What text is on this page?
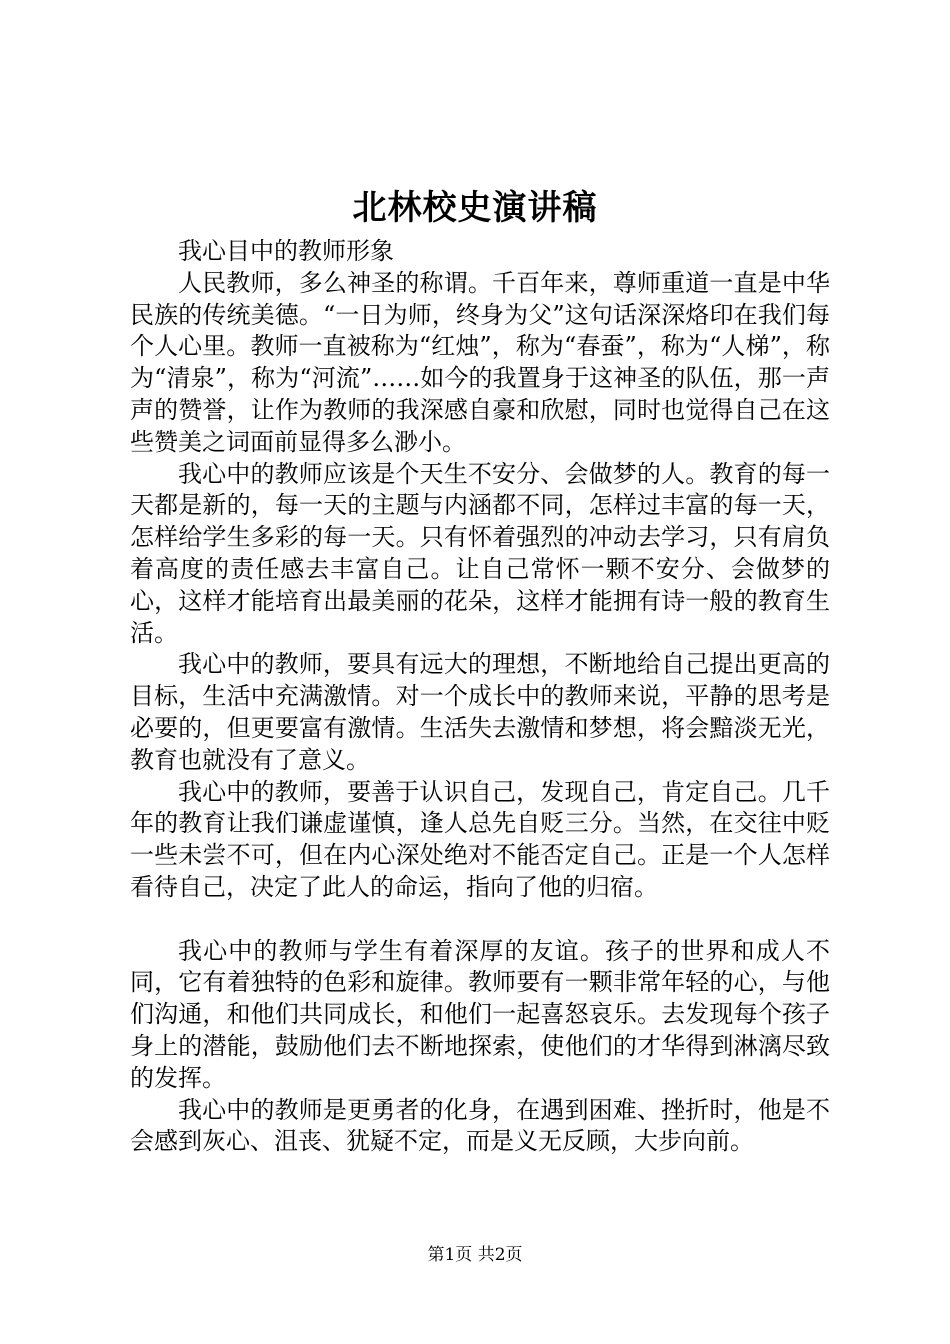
北林校史演讲稿

我心目中的教师形象

人民教师，多么神圣的称谓。千百年来，尊师重道一直是中华民族的传统美德。“一日为师，终身为父”这句话深深烙印在我们每个人心里。教师一直被称为“红烛”，称为“春蚕”，称为“人梯”，称为“清泉”，称为“河流”……如今的我置身于这神圣的队伍，那一声声的赞誉，让作为教师的我深感自豪和欣慰，同时也觉得自己在这些赞美之词面前显得多么渺小。

我心中的教师应该是个天生不安分、会做梦的人。教育的每一天都是新的，每一天的主题与内涵都不同，怎样过丰富的每一天，怎样给学生多彩的每一天。只有怀着强烈的冲动去学习，只有肩负着高度的责任感去丰富自己。让自己常怀一颗不安分、会做梦的心，这样才能培育出最美丽的花朵，这样才能拥有诗一般的教育生活。

我心中的教师，要具有远大的理想，不断地给自己提出更高的目标，生活中充满激情。对一个成长中的教师来说，平静的思考是必要的，但更要富有激情。生活失去激情和梦想，将会黯淡无光，教育也就没有了意义。

我心中的教师，要善于认识自己，发现自己，肯定自己。几千年的教育让我们谦虚谨慎，逢人总先自贬三分。当然，在交往中贬一些未尝不可，但在内心深处绝对不能否定自己。正是一个人怎样看待自己，决定了此人的命运，指向了他的归宿。

我心中的教师与学生有着深厚的友谊。孩子的世界和成人不同，它有着独特的色彩和旋律。教师要有一颗非常年轻的心，与他们沟通，和他们共同成长，和他们一起喜怒哀乐。去发现每个孩子身上的潜能，鼓励他们去不断地探索，使他们的才华得到淋漓尽致的发挥。

我心中的教师是更勇者的化身，在遇到困难、挫折时，他是不会感到灰心、沮丧、犹疑不定，而是义无反顾，大步向前。

第1页 共2页
